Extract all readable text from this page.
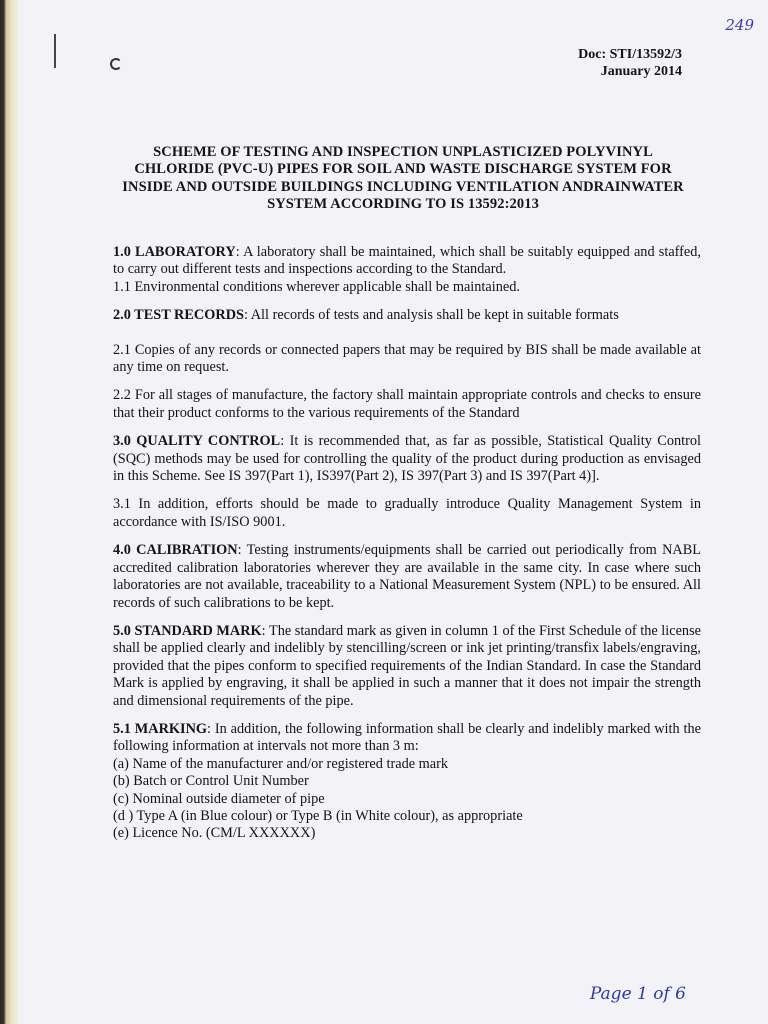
249
Doc: STI/13592/3
January 2014
SCHEME OF TESTING AND INSPECTION UNPLASTICIZED POLYVINYL CHLORIDE (PVC-U) PIPES FOR SOIL AND WASTE DISCHARGE SYSTEM FOR INSIDE AND OUTSIDE BUILDINGS INCLUDING VENTILATION ANDRAINWATER SYSTEM ACCORDING TO IS 13592:2013

1.0 LABORATORY: A laboratory shall be maintained, which shall be suitably equipped and staffed, to carry out different tests and inspections according to the Standard.

1.1 Environmental conditions wherever applicable shall be maintained.

2.0 TEST RECORDS: All records of tests and analysis shall be kept in suitable formats

2.1 Copies of any records or connected papers that may be required by BIS shall be made available at any time on request.

2.2 For all stages of manufacture, the factory shall maintain appropriate controls and checks to ensure that their product conforms to the various requirements of the Standard

3.0 QUALITY CONTROL: It is recommended that, as far as possible, Statistical Quality Control (SQC) methods may be used for controlling the quality of the product during production as envisaged in this Scheme. See IS 397(Part 1), IS397(Part 2), IS 397(Part 3) and IS 397(Part 4)].

3.1 In addition, efforts should be made to gradually introduce Quality Management System in accordance with IS/ISO 9001.

4.0 CALIBRATION: Testing instruments/equipments shall be carried out periodically from NABL accredited calibration laboratories wherever they are available in the same city. In case where such laboratories are not available, traceability to a National Measurement System (NPL) to be ensured. All records of such calibrations to be kept.

5.0 STANDARD MARK: The standard mark as given in column 1 of the First Schedule of the license shall be applied clearly and indelibly by stencilling/screen or ink jet printing/transfix labels/engraving, provided that the pipes conform to specified requirements of the Indian Standard. In case the Standard Mark is applied by engraving, it shall be applied in such a manner that it does not impair the strength and dimensional requirements of the pipe.

5.1 MARKING: In addition, the following information shall be clearly and indelibly marked with the following information at intervals not more than 3 m:

(a) Name of the manufacturer and/or registered trade mark
(b) Batch or Control Unit Number
(c) Nominal outside diameter of pipe
(d ) Type A (in Blue colour) or Type B (in White colour), as appropriate
(e) Licence No. (CM/L XXXXXX)
Page 1 of 6
